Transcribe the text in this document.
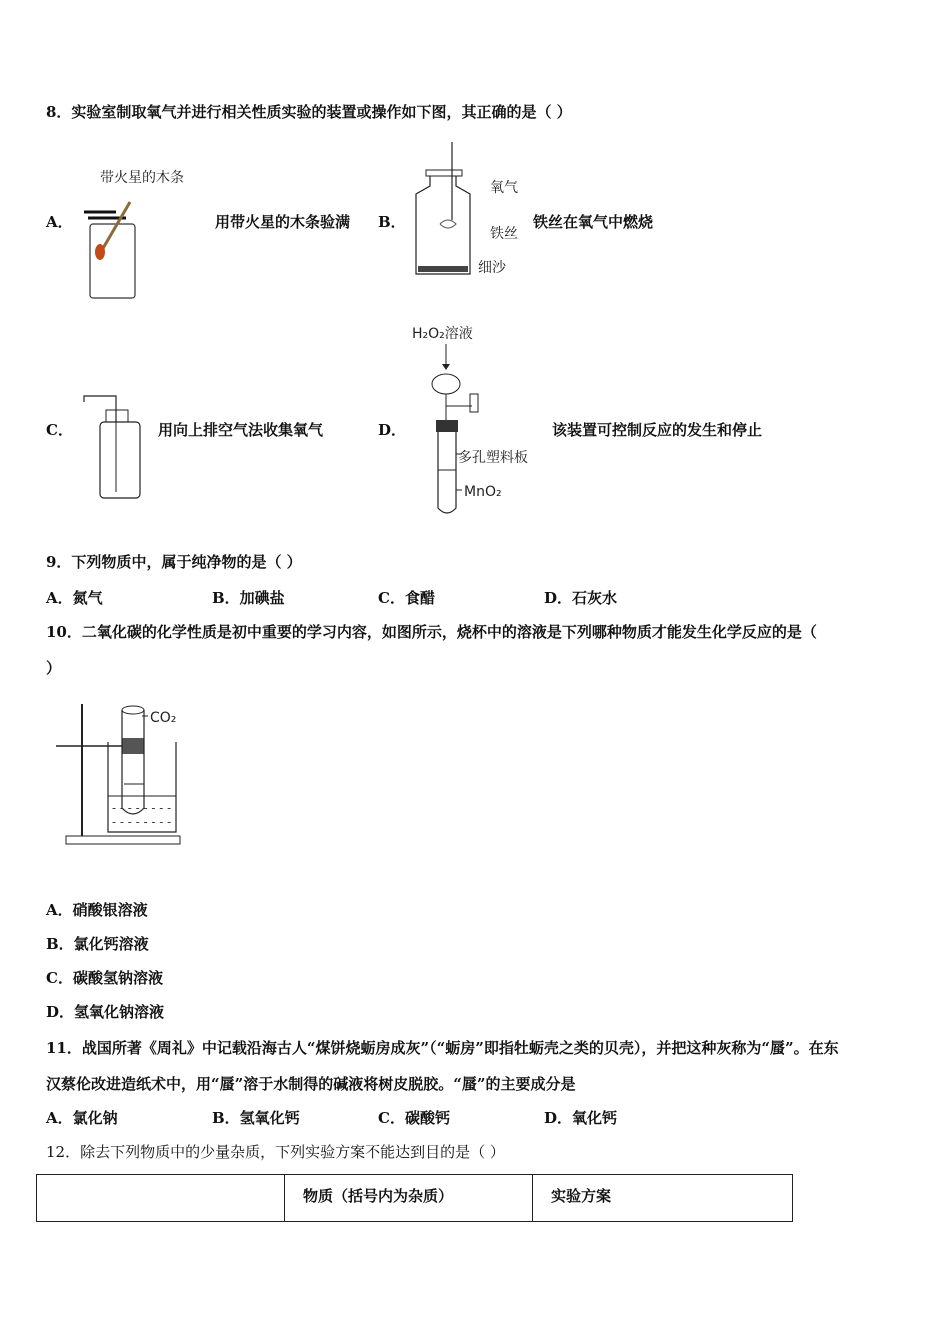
8．实验室制取氧气并进行相关性质实验的装置或操作如下图，其正确的是（ ）
A．
带火星的木条
用带火星的木条验满 B．
氧气
铁丝
细沙
铁丝在氧气中燃烧
C．	用向上排空气法收集氧气	D．
H₂O₂溶液
多孔塑料板
MnO₂
该装置可控制反应的发生和停止
9．下列物质中，属于纯净物的是（ ）
A．氮气	B．加碘盐	C．食醋	D．石灰水
10．二氧化碳的化学性质是初中重要的学习内容，如图所示，烧杯中的溶液是下列哪种物质才能发生化学反应的是（
）
CO₂
- - - - - - - -
- - - - - - - -
A．硝酸银溶液
B．氯化钙溶液
C．碳酸氢钠溶液
D．氢氧化钠溶液
11．战国所著《周礼》中记载沿海古人“煤饼烧蛎房成灰”（“蛎房”即指牡蛎壳之类的贝壳），并把这种灰称为“蜃”。在东
汉蔡伦改进造纸术中，用“蜃”溶于水制得的碱液将树皮脱胶。“蜃”的主要成分是
A．氯化钠	B．氢氧化钙	C．碳酸钙	D．氧化钙
12．除去下列物质中的少量杂质，下列实验方案不能达到目的是（ ）
	物质（括号内为杂质）	实验方案
